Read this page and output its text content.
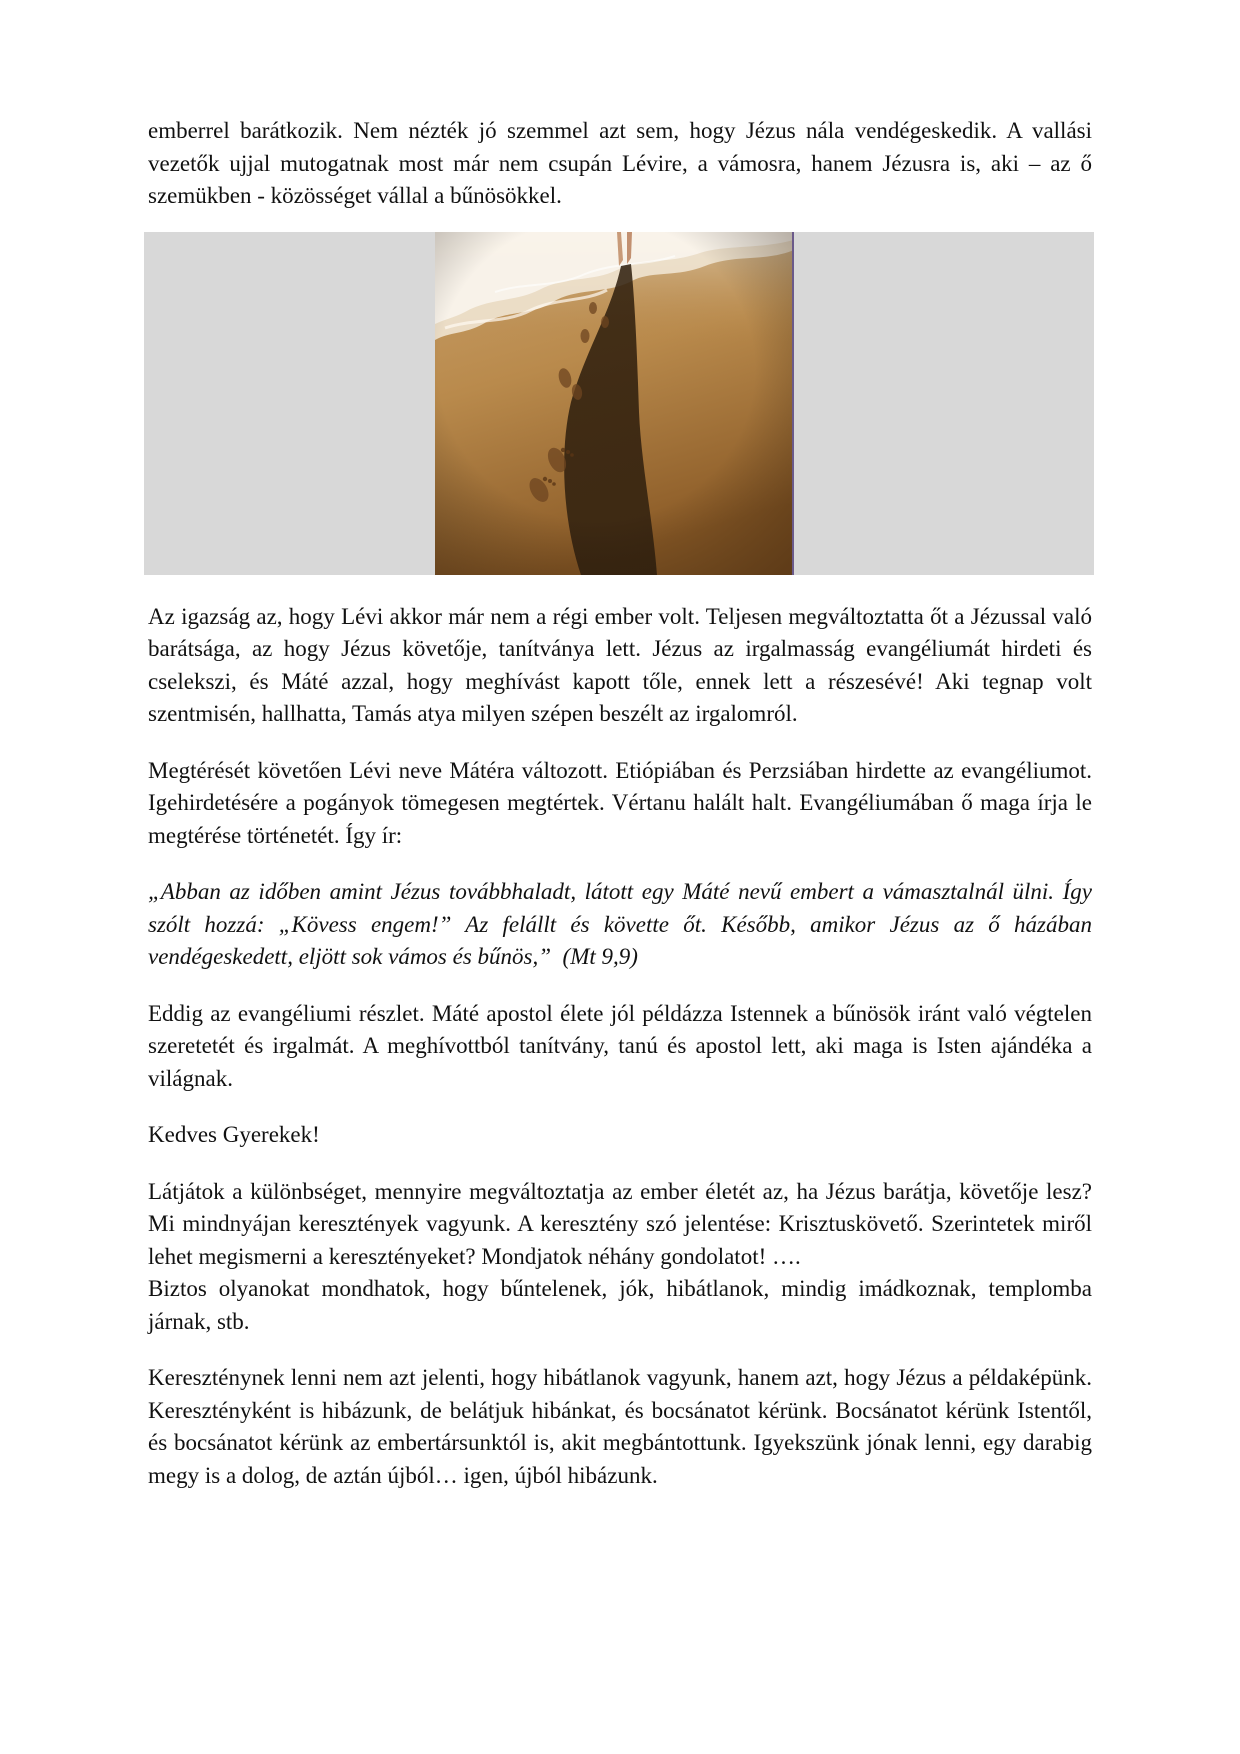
emberrel barátkozik. Nem nézték jó szemmel azt sem, hogy Jézus nála vendégeskedik. A vallási vezetők ujjal mutogatnak most már nem csupán Lévire, a vámosra, hanem Jézusra is, aki – az ő szemükben - közösséget vállal a bűnösökkel.

Az igazság az, hogy Lévi akkor már nem a régi ember volt. Teljesen megváltoztatta őt a Jézussal való barátsága, az hogy Jézus követője, tanítványa lett. Jézus az irgalmasság evangéliumát hirdeti és cselekszi, és Máté azzal, hogy meghívást kapott tőle, ennek lett a részesévé! Aki tegnap volt szentmisén, hallhatta, Tamás atya milyen szépen beszélt az irgalomról.

Megtérését követően Lévi neve Mátéra változott. Etiópiában és Perzsiában hirdette az evangéliumot. Igehirdetésére a pogányok tömegesen megtértek. Vértanu halált halt. Evangéliumában ő maga írja le megtérése történetét. Így ír:

„Abban az időben amint Jézus továbbhaladt, látott egy Máté nevű embert a vámasztalnál ülni. Így szólt hozzá: „Kövess engem!” Az felállt és követte őt. Később, amikor Jézus az ő házában vendégeskedett, eljött sok vámos és bűnös,” (Mt 9,9)

Eddig az evangéliumi részlet. Máté apostol élete jól példázza Istennek a bűnösök iránt való végtelen szeretetét és irgalmát. A meghívottból tanítvány, tanú és apostol lett, aki maga is Isten ajándéka a világnak.

Kedves Gyerekek!

Látjátok a különbséget, mennyire megváltoztatja az ember életét az, ha Jézus barátja, követője lesz? Mi mindnyájan keresztények vagyunk. A keresztény szó jelentése: Krisztuskövető. Szerintetek miről lehet megismerni a keresztényeket? Mondjatok néhány gondolatot! ….

Biztos olyanokat mondhatok, hogy bűntelenek, jók, hibátlanok, mindig imádkoznak, templomba járnak, stb.

Kereszténynek lenni nem azt jelenti, hogy hibátlanok vagyunk, hanem azt, hogy Jézus a példaképünk. Keresztényként is hibázunk, de belátjuk hibánkat, és bocsánatot kérünk. Bocsánatot kérünk Istentől, és bocsánatot kérünk az embertársunktól is, akit megbántottunk. Igyekszünk jónak lenni, egy darabig megy is a dolog, de aztán újból… igen, újból hibázunk.
